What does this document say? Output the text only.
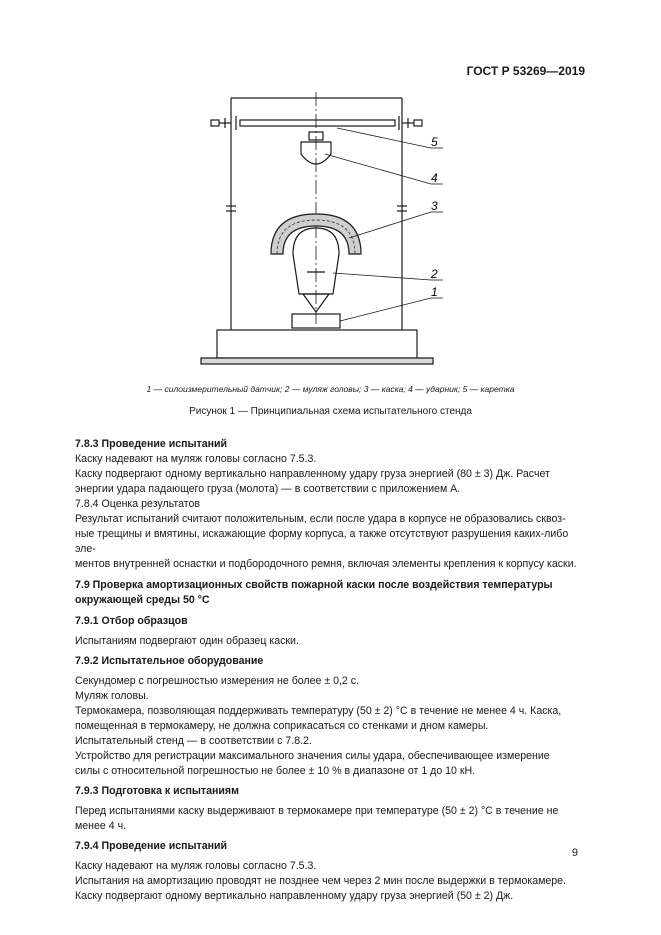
ГОСТ Р 53269—2019
5
4
3
2
1
1 — силоизмерительный датчик; 2 — муляж головы; 3 — каска; 4 — ударник; 5 — каретка
Рисунок 1 — Принципиальная схема испытательного стенда

7.8.3 Проведение испытаний

Каску надевают на муляж головы согласно 7.5.3.

Каску подвергают одному вертикально направленному удару груза энергией (80 ± 3) Дж. Расчет

энергии удара падающего груза (молота) — в соответствии с приложением А.

7.8.4 Оценка результатов

Результат испытаний считают положительным, если после удара в корпусе не образовались сквоз-

ные трещины и вмятины, искажающие форму корпуса, а также отсутствуют разрушения каких-либо эле-

ментов внутренней оснастки и подбородочного ремня, включая элементы крепления к корпусу каски.

7.9 Проверка амортизационных свойств пожарной каски после воздействия температуры

окружающей среды 50 °С

7.9.1 Отбор образцов

Испытаниям подвергают один образец каски.

7.9.2 Испытательное оборудование

Секундомер с погрешностью измерения не более ± 0,2 с.

Муляж головы.

Термокамера, позволяющая поддерживать температуру (50 ± 2) °С в течение не менее 4 ч. Каска,

помещенная в термокамеру, не должна соприкасаться со стенками и дном камеры.

Испытательный стенд — в соответствии с 7.8.2.

Устройство для регистрации максимального значения силы удара, обеспечивающее измерение

силы с относительной погрешностью не более ± 10 % в диапазоне от 1 до 10 кН.

7.9.3 Подготовка к испытаниям

Перед испытаниями каску выдерживают в термокамере при температуре (50 ± 2) °С в течение не

менее 4 ч.

7.9.4 Проведение испытаний

Каску надевают на муляж головы согласно 7.5.3.

Испытания на амортизацию проводят не позднее чем через 2 мин после выдержки в термокамере.

Каску подвергают одному вертикально направленному удару груза энергией (50 ± 2) Дж.

9
